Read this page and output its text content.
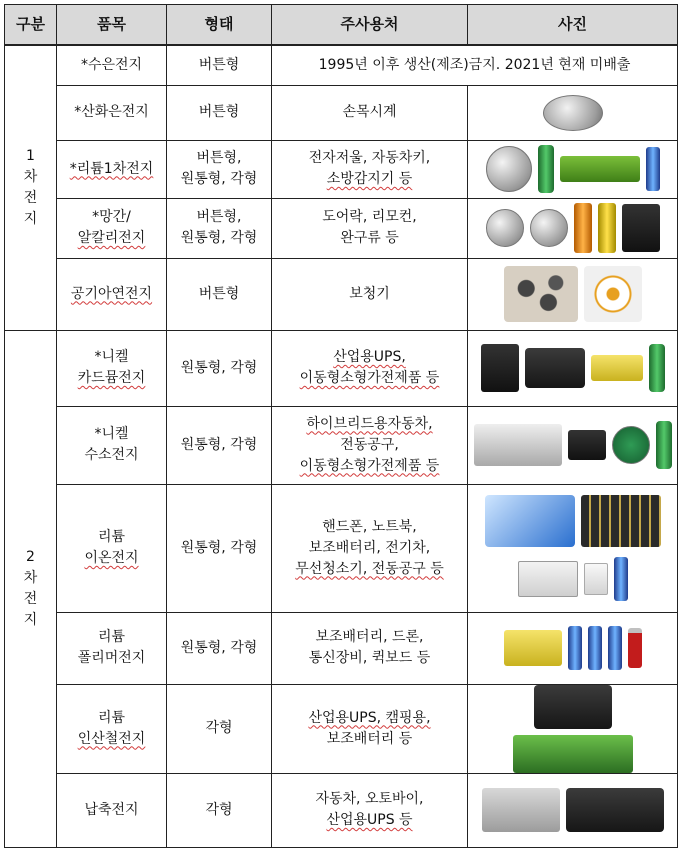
구분	품목	형태	주사용처	사진

1
차
전
지	*수은전지	버튼형	1995년 이후 생산(제조)금지. 2021년 현재 미배출	
	*산화은전지	버튼형	손목시계	

	*리튬1차전지	버튼형,
원통형, 각형	전자저울, 자동차키,
소방감지기 등	

	*망간/
알칼리전지	버튼형,
원통형, 각형	도어락, 리모컨,
완구류 등	

	공기아연전지	버튼형	보청기	

2
차
전
지	*니켈
카드뮴전지	원통형, 각형	산업용UPS,
이동형소형가전제품 등	

	*니켈
수소전지	원통형, 각형	하이브리드용자동차,
전동공구,
이동형소형가전제품 등	

	리튬
이온전지	원통형, 각형	핸드폰, 노트북,
보조배터리, 전기차,
무선청소기, 전동공구 등	

	리튬
폴리머전지	원통형, 각형	보조배터리, 드론,
통신장비, 퀵보드 등	

	리튬
인산철전지	각형	산업용UPS, 캠핑용,
보조배터리 등	

	납축전지	각형	자동차, 오토바이,
산업용UPS 등	
